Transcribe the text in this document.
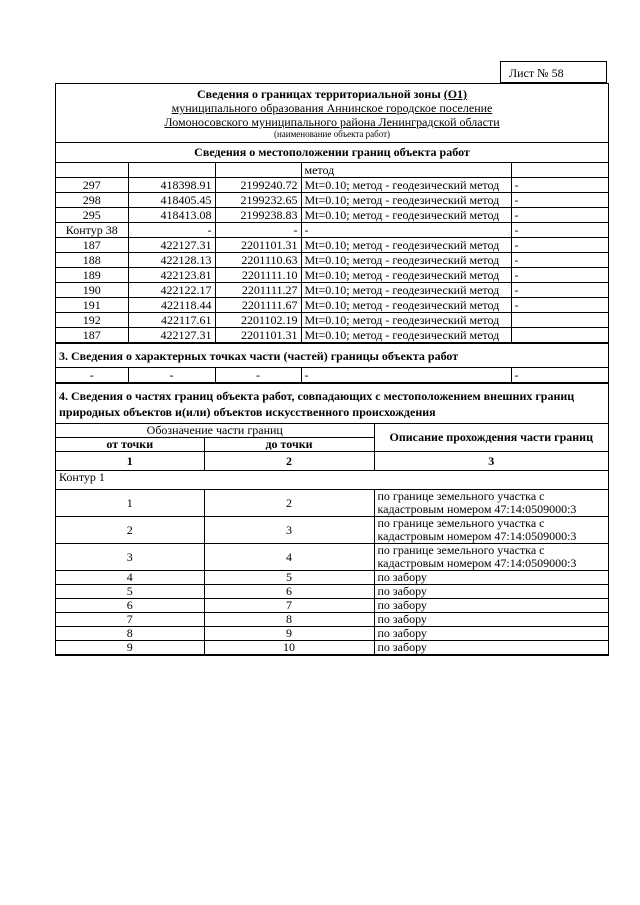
Лист № 58
Сведения о границах территориальной зоны (О1)
муниципального образования Аннинское городское поселение
Ломоносовского муниципального района Ленинградской области
(наименование объекта работ)
Сведения о местоположении границ объекта работ
			метод	
297	418398.91	2199240.72	Mt=0.10; метод - геодезический метод	-
298	418405.45	2199232.65	Mt=0.10; метод - геодезический метод	-
295	418413.08	2199238.83	Mt=0.10; метод - геодезический метод	-
Контур 38	-	-	-	-
187	422127.31	2201101.31	Mt=0.10; метод - геодезический метод	-
188	422128.13	2201110.63	Mt=0.10; метод - геодезический метод	-
189	422123.81	2201111.10	Mt=0.10; метод - геодезический метод	-
190	422122.17	2201111.27	Mt=0.10; метод - геодезический метод	-
191	422118.44	2201111.67	Mt=0.10; метод - геодезический метод	-
192	422117.61	2201102.19	Mt=0.10; метод - геодезический метод	
187	422127.31	2201101.31	Mt=0.10; метод - геодезический метод	
3. Сведения о характерных точках части (частей) границы объекта работ
-	-	-	-	-
4. Сведения о частях границ объекта работ, совпадающих с местоположением внешних границ природных объектов и(или) объектов искусственного происхождения
Обозначение части границ		Описание прохождения части границ
от точки	до точки	
1	2	3
Контур 1		
1	2	по границе земельного участка с кадастровым номером 47:14:0509000:3
2	3	по границе земельного участка с кадастровым номером 47:14:0509000:3
3	4	по границе земельного участка с кадастровым номером 47:14:0509000:3
4	5	по забору
5	6	по забору
6	7	по забору
7	8	по забору
8	9	по забору
9	10	по забору
